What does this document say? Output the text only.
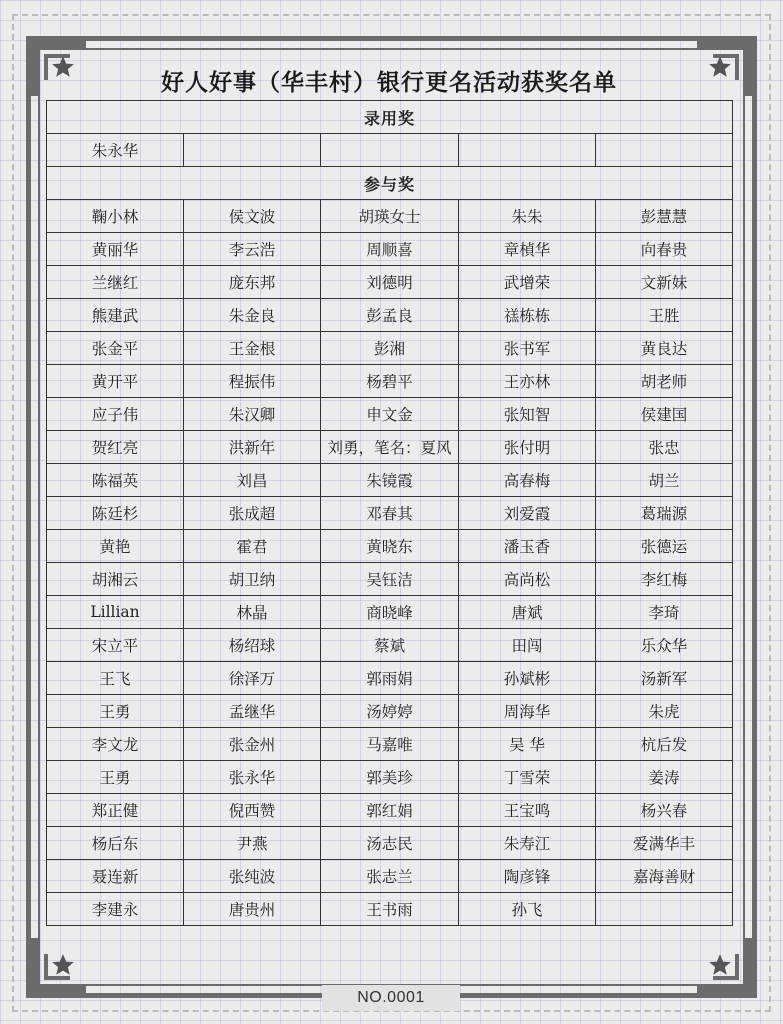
好人好事（华丰村）银行更名活动获奖名单
录用奖				
朱永华				
参与奖				
鞠小林	侯文波	胡瑛女士	朱朱	彭慧慧
黄丽华	李云浩	周顺喜	章楨华	向春贵
兰继红	庞东邦	刘德明	武增荣	文新妹
熊建武	朱金良	彭孟良	禚栋栋	王胜
张金平	王金根	彭湘	张书军	黄良达
黄开平	程振伟	杨碧平	王亦林	胡老师
应子伟	朱汉卿	申文金	张知智	侯建国
贺红亮	洪新年	刘勇，笔名：夏风	张付明	张忠
陈福英	刘昌	朱镜霞	高春梅	胡兰
陈廷杉	张成超	邓春其	刘爱霞	葛瑞源
黄艳	霍君	黄晓东	潘玉香	张德运
胡湘云	胡卫纳	吴钰洁	高尚松	李红梅
Lillian	林晶	商晓峰	唐斌	李琦
宋立平	杨绍球	蔡斌	田闯	乐众华
王飞	徐泽万	郭雨娟	孙斌彬	汤新军
王勇	孟继华	汤婷婷	周海华	朱虎
李文龙	张金州	马嘉唯	吴 华	杭后发
王勇	张永华	郭美珍	丁雪荣	姜涛
郑正健	倪西赞	郭红娟	王宝鸣	杨兴春
杨后东	尹燕	汤志民	朱寿江	爱满华丰
聂连新	张纯波	张志兰	陶彦锋	嘉海善财
李建永	唐贵州	王书雨	孙飞	
NO.0001
